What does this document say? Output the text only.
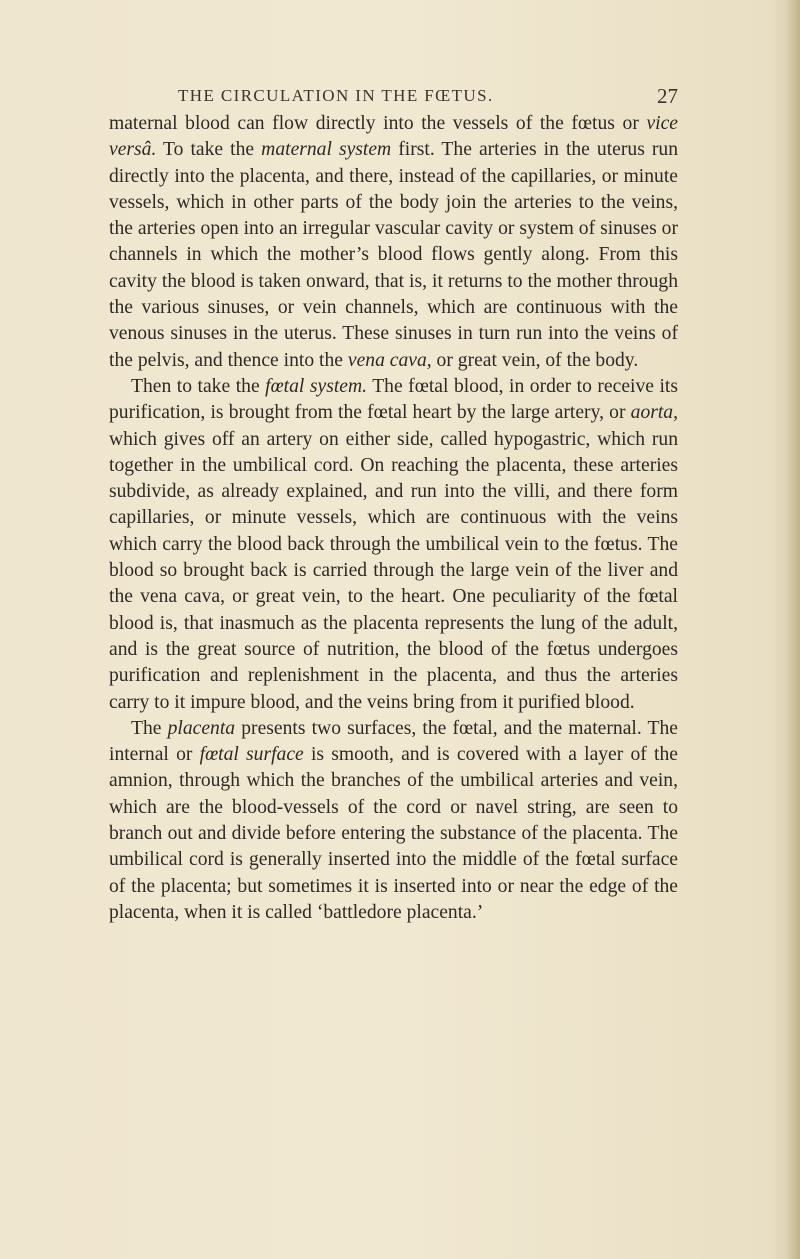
THE CIRCULATION IN THE FŒTUS.	27

maternal blood can flow directly into the vessels of the fœtus or vice versâ. To take the maternal system first. The arteries in the uterus run directly into the placenta, and there, instead of the capillaries, or minute vessels, which in other parts of the body join the arteries to the veins, the arteries open into an irregular vascular cavity or system of sinuses or channels in which the mother’s blood flows gently along. From this cavity the blood is taken onward, that is, it returns to the mother through the various sinuses, or vein channels, which are continuous with the venous sinuses in the uterus. These sinuses in turn run into the veins of the pelvis, and thence into the vena cava, or great vein, of the body.

Then to take the fœtal system. The fœtal blood, in order to receive its purification, is brought from the fœtal heart by the large artery, or aorta, which gives off an artery on either side, called hypogastric, which run together in the umbilical cord. On reaching the placenta, these arteries subdivide, as already explained, and run into the villi, and there form capillaries, or minute vessels, which are continuous with the veins which carry the blood back through the umbilical vein to the fœtus. The blood so brought back is carried through the large vein of the liver and the vena cava, or great vein, to the heart. One peculiarity of the fœtal blood is, that inasmuch as the placenta represents the lung of the adult, and is the great source of nutrition, the blood of the fœtus undergoes purification and replenishment in the placenta, and thus the arteries carry to it impure blood, and the veins bring from it purified blood.

The placenta presents two surfaces, the fœtal, and the maternal. The internal or fœtal surface is smooth, and is covered with a layer of the amnion, through which the branches of the umbilical arteries and vein, which are the blood-vessels of the cord or navel string, are seen to branch out and divide before entering the substance of the placenta. The umbilical cord is generally inserted into the middle of the fœtal surface of the placenta; but sometimes it is inserted into or near the edge of the placenta, when it is called ‘battledore placenta.’
